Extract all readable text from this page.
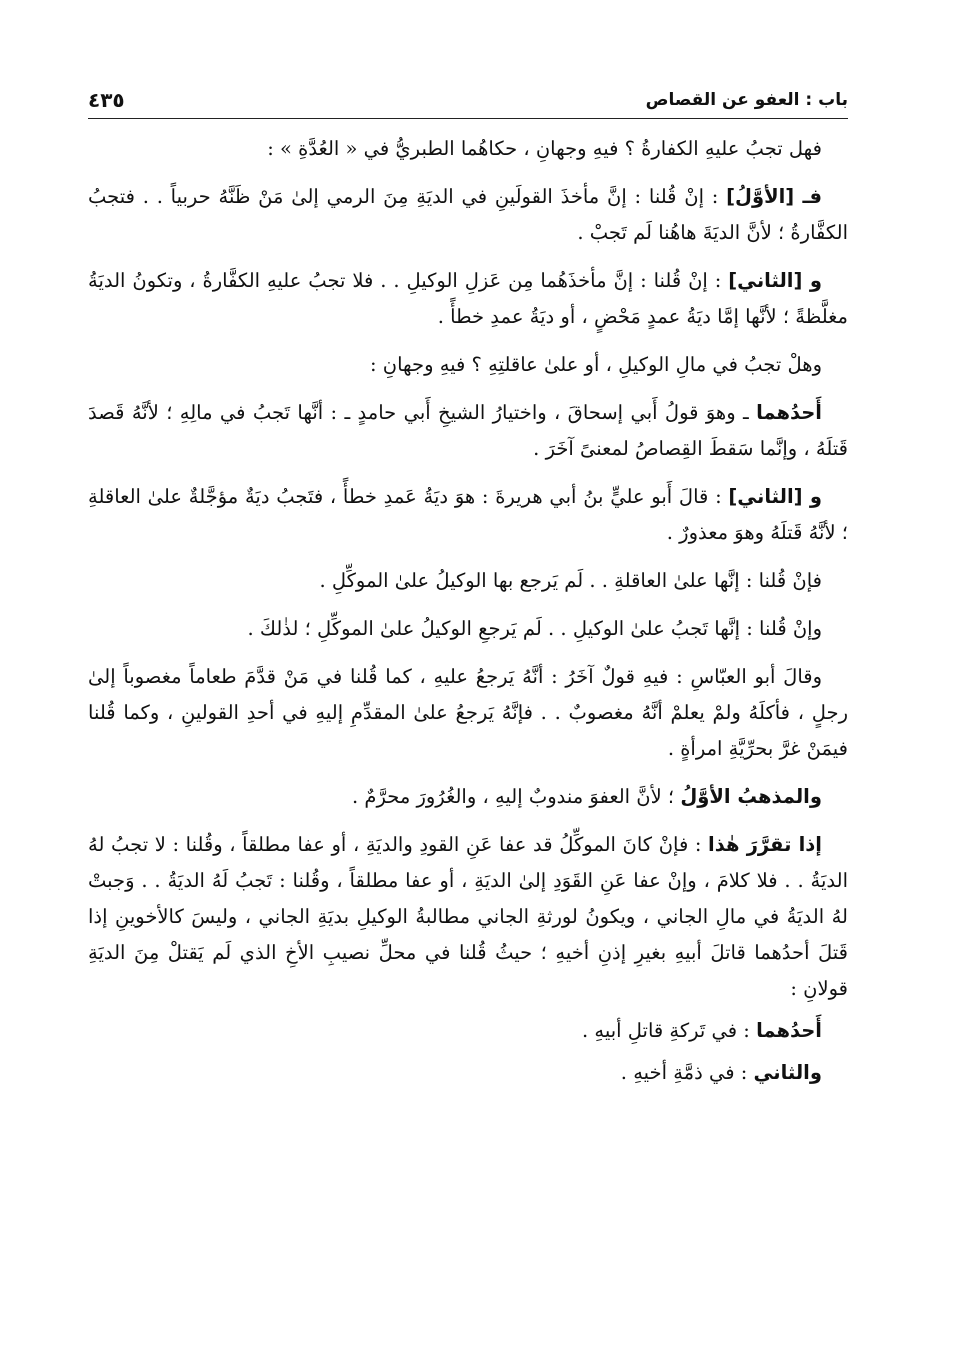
باب : العفو عن القصاص
٤٣٥

فهل تجبُ عليهِ الكفارةُ ؟ فيهِ وجهانِ ، حكاهُما الطبريُّ في « العُدَّةِ » :

فـ [الأوَّلُ] : إنْ قُلنا : إنَّ مأخذَ القولَينِ في الديَةِ مِنَ الرمي إلىٰ مَنْ ظَنَّهُ حربياً . . فتجبُ الكفَّارةُ ؛ لأنَّ الديَةَ هاهُنا لَم تَجبْ .

و [الثاني] : إنْ قُلنا : إنَّ مأخذَهُما مِن عَزلِ الوكيلِ . . فلا تجبُ عليهِ الكفَّارةُ ، وتكونُ الديَةُ مغلَّظةً ؛ لأنَّها إمَّا ديَةُ عمدٍ مَحْضٍ ، أو ديَةُ عمدِ خطأً .

وهلْ تجبُ في مالِ الوكيلِ ، أو علىٰ عاقلتِهِ ؟ فيهِ وجهانِ :

أَحدُهما ـ وهوَ قولُ أَبي إسحاقَ ، واختيارُ الشيخِ أَبي حامدٍ ـ : أنَّها تَجبُ في مالِهِ ؛ لأنَّهُ قَصدَ قَتلَهُ ، وإنَّما سَقطَ القِصاصُ لمعنىً آخَرَ .

و [الثاني] : قالَ أَبو عليٍّ بنُ أبي هريرةَ : هوَ ديَةُ عَمدِ خطأً ، فتَجبُ ديَةٌ مؤجَّلةٌ علىٰ العاقلةِ ؛ لأنَّهُ قَتلَهُ وهوَ معذورٌ .

فإنْ قُلنا : إنَّها علىٰ العاقلةِ . . لَم يَرجع بها الوكيلُ علىٰ الموكِّلِ .

وإنْ قُلنا : إنَّها تَجبُ علىٰ الوكيلِ . . لَم يَرجعِ الوكيلُ علىٰ الموكِّلِ ؛ لذٰلكَ .

وقالَ أبو العبّاسِ : فيهِ قولٌ آخَرُ : أنَّهُ يَرجعُ عليهِ ، كما قُلنا في مَنْ قدَّمَ طعاماً مغصوباً إلىٰ رجلٍ ، فأكلَهُ ولمْ يعلمْ أنَّهُ مغصوبٌ . . فإنَّهُ يَرجعُ علىٰ المقدِّمِ إليهِ في أحدِ القولينِ ، وكما قُلنا فيمَنْ غرَّ بحرِّيَّةِ امرأةٍ .

والمذهبُ الأوَّلُ ؛ لأنَّ العفوَ مندوبٌ إليهِ ، والغُرُورَ محرَّمٌ .

إذا تقرَّرَ هٰذا : فإنْ كانَ الموكِّلُ قد عفا عَنِ القودِ والديَةِ ، أو عفا مطلقاً ، وقُلنا : لا تجبُ لهُ الديَةُ . . فلا كلامَ ، وإنْ عفا عَنِ القَوَدِ إلىٰ الديَةِ ، أو عفا مطلقاً ، وقُلنا : تَجبُ لَهُ الديَةُ . . وَجبتْ لهُ الديَةُ في مالِ الجاني ، ويكونُ لورثةِ الجاني مطالبةُ الوكيلِ بديَةِ الجاني ، وليسَ كالأخوينِ إذا قَتلَ أحدُهما قاتلَ أبيهِ بغيرِ إذنِ أخيهِ ؛ حيثُ قُلنا في محلِّ نصيبِ الأخِ الذي لَم يَقتلْ مِنَ الديَةِ قولانِ :

أَحدُهما : في تَركةِ قاتلِ أبيهِ .

والثاني : في ذمَّةِ أخيهِ .
